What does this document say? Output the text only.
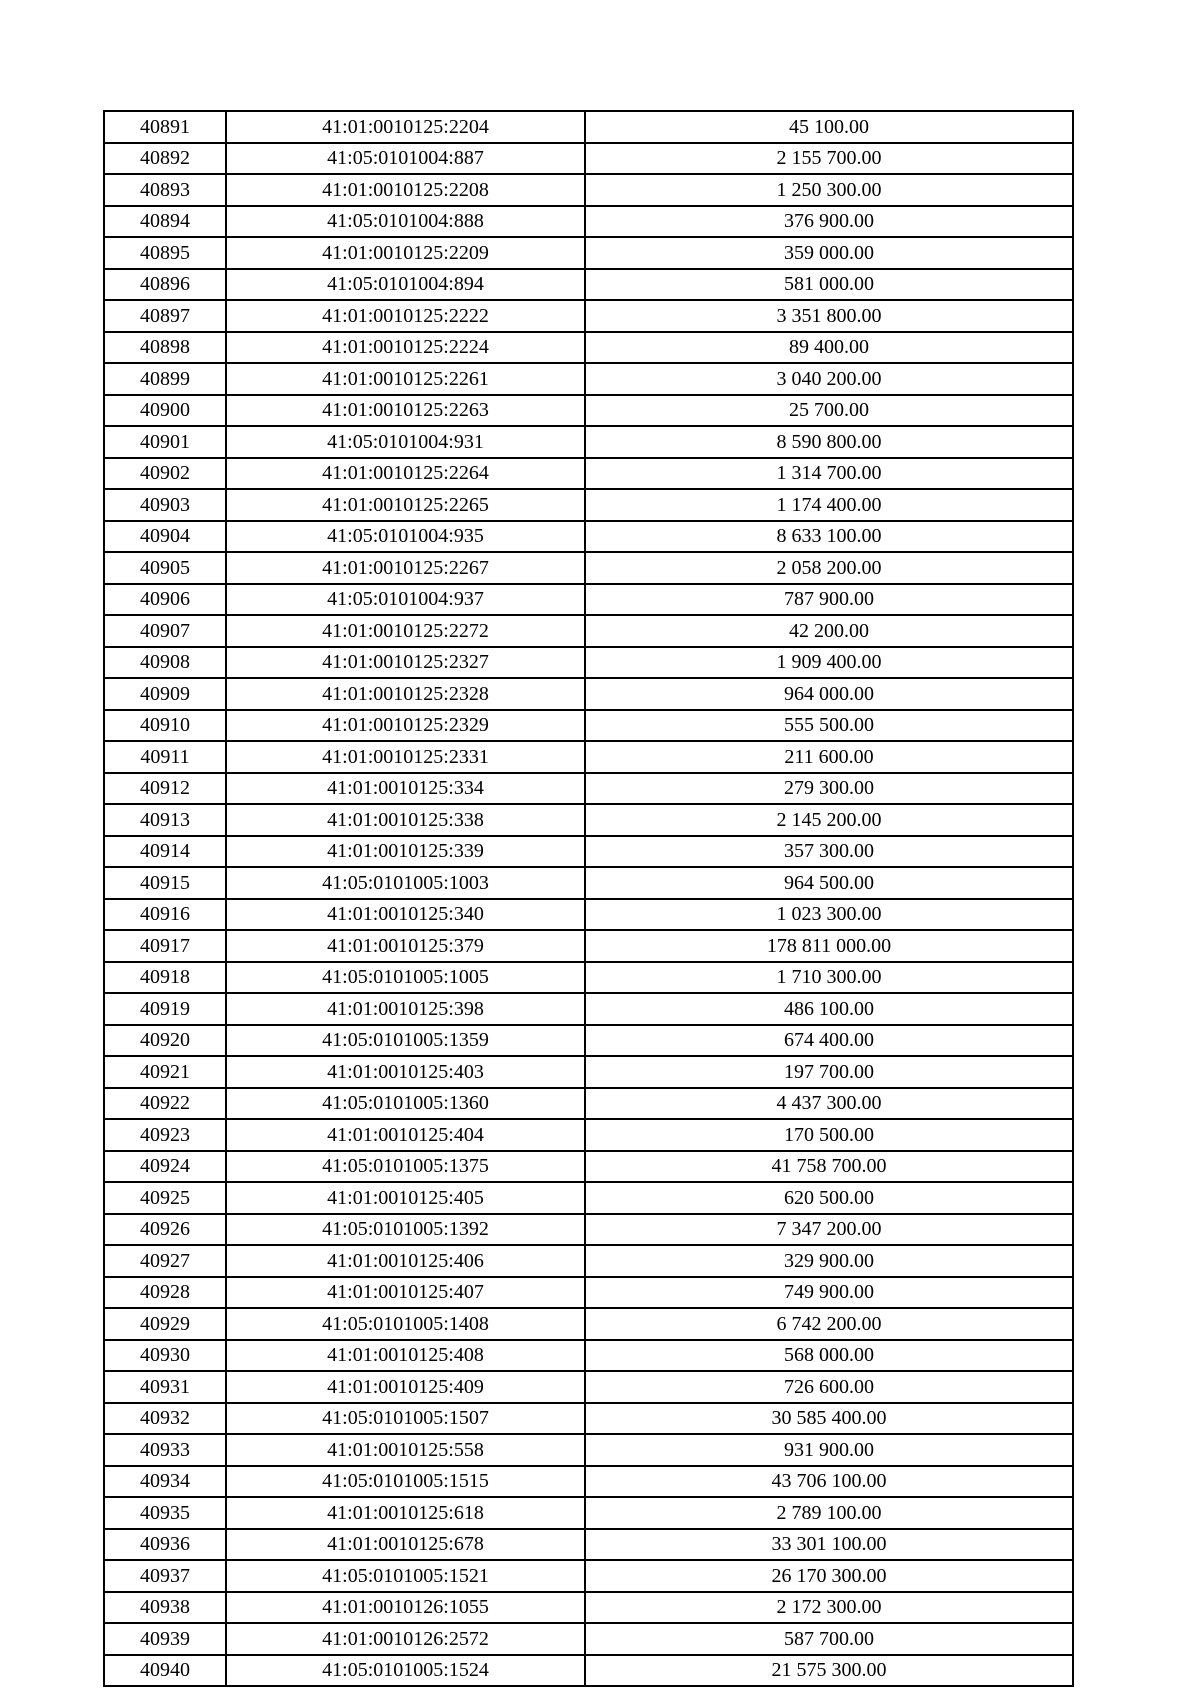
40891	41:01:0010125:2204	45 100.00
40892	41:05:0101004:887	2 155 700.00
40893	41:01:0010125:2208	1 250 300.00
40894	41:05:0101004:888	376 900.00
40895	41:01:0010125:2209	359 000.00
40896	41:05:0101004:894	581 000.00
40897	41:01:0010125:2222	3 351 800.00
40898	41:01:0010125:2224	89 400.00
40899	41:01:0010125:2261	3 040 200.00
40900	41:01:0010125:2263	25 700.00
40901	41:05:0101004:931	8 590 800.00
40902	41:01:0010125:2264	1 314 700.00
40903	41:01:0010125:2265	1 174 400.00
40904	41:05:0101004:935	8 633 100.00
40905	41:01:0010125:2267	2 058 200.00
40906	41:05:0101004:937	787 900.00
40907	41:01:0010125:2272	42 200.00
40908	41:01:0010125:2327	1 909 400.00
40909	41:01:0010125:2328	964 000.00
40910	41:01:0010125:2329	555 500.00
40911	41:01:0010125:2331	211 600.00
40912	41:01:0010125:334	279 300.00
40913	41:01:0010125:338	2 145 200.00
40914	41:01:0010125:339	357 300.00
40915	41:05:0101005:1003	964 500.00
40916	41:01:0010125:340	1 023 300.00
40917	41:01:0010125:379	178 811 000.00
40918	41:05:0101005:1005	1 710 300.00
40919	41:01:0010125:398	486 100.00
40920	41:05:0101005:1359	674 400.00
40921	41:01:0010125:403	197 700.00
40922	41:05:0101005:1360	4 437 300.00
40923	41:01:0010125:404	170 500.00
40924	41:05:0101005:1375	41 758 700.00
40925	41:01:0010125:405	620 500.00
40926	41:05:0101005:1392	7 347 200.00
40927	41:01:0010125:406	329 900.00
40928	41:01:0010125:407	749 900.00
40929	41:05:0101005:1408	6 742 200.00
40930	41:01:0010125:408	568 000.00
40931	41:01:0010125:409	726 600.00
40932	41:05:0101005:1507	30 585 400.00
40933	41:01:0010125:558	931 900.00
40934	41:05:0101005:1515	43 706 100.00
40935	41:01:0010125:618	2 789 100.00
40936	41:01:0010125:678	33 301 100.00
40937	41:05:0101005:1521	26 170 300.00
40938	41:01:0010126:1055	2 172 300.00
40939	41:01:0010126:2572	587 700.00
40940	41:05:0101005:1524	21 575 300.00
